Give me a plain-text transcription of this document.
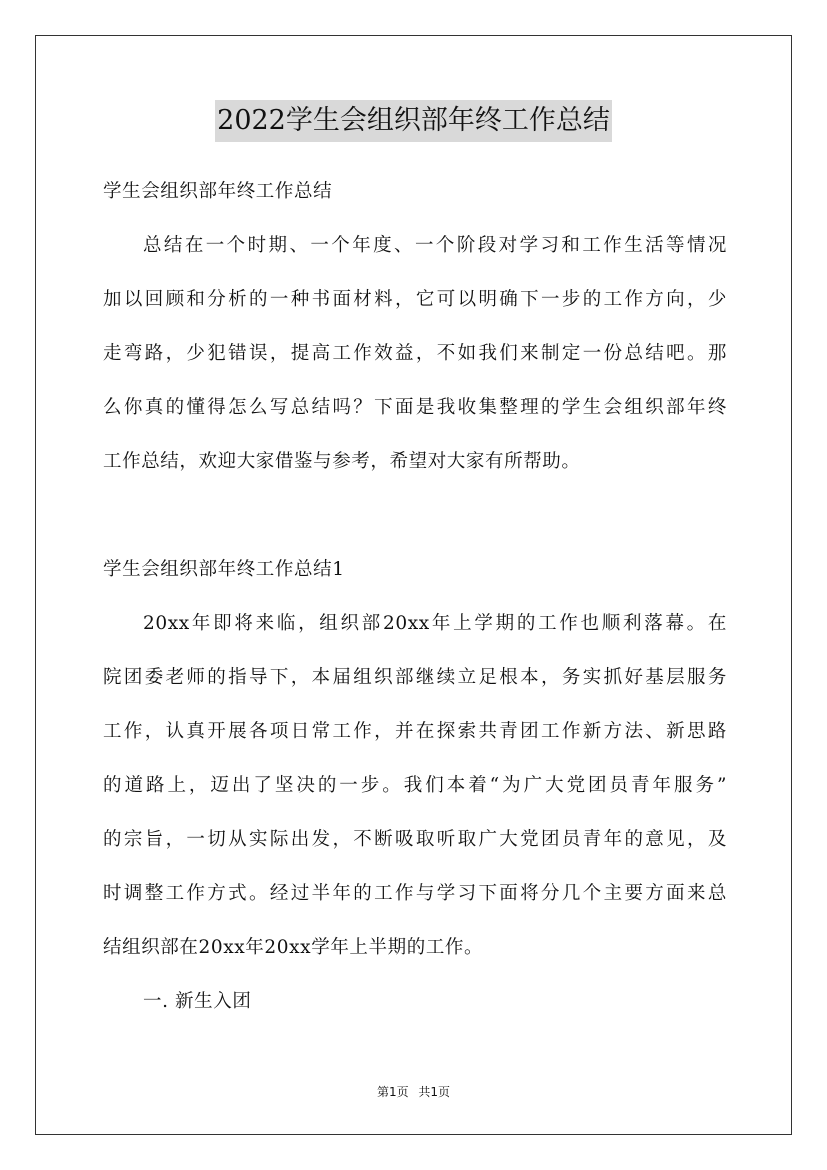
2022学生会组织部年终工作总结
学生会组织部年终工作总结
总结在一个时期、一个年度、一个阶段对学习和工作生活等情况
加以回顾和分析的一种书面材料，它可以明确下一步的工作方向，少
走弯路，少犯错误，提高工作效益，不如我们来制定一份总结吧。那
么你真的懂得怎么写总结吗？下面是我收集整理的学生会组织部年终
工作总结，欢迎大家借鉴与参考，希望对大家有所帮助。
学生会组织部年终工作总结1
20xx年即将来临，组织部20xx年上学期的工作也顺利落幕。在
院团委老师的指导下，本届组织部继续立足根本，务实抓好基层服务
工作，认真开展各项日常工作，并在探索共青团工作新方法、新思路
的道路上，迈出了坚决的一步。我们本着“为广大党团员青年服务”
的宗旨，一切从实际出发，不断吸取听取广大党团员青年的意见，及
时调整工作方式。经过半年的工作与学习下面将分几个主要方面来总
结组织部在20xx年20xx学年上半期的工作。
一. 新生入团
第1页 共1页
